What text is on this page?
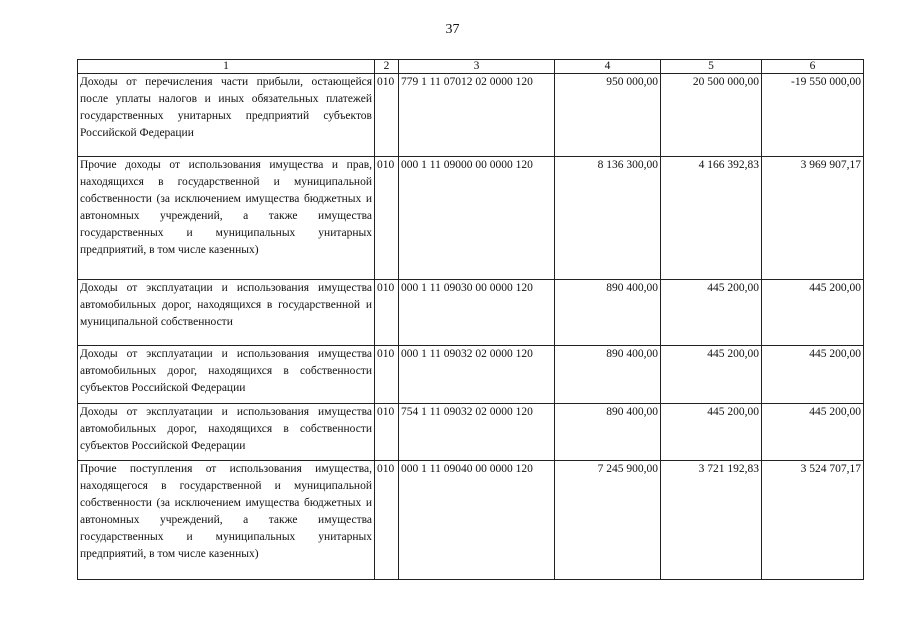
37
1	2	3	4	5	6
Доходы от перечисления части прибыли, остающейся после уплаты налогов и иных обязательных платежей государственных унитарных предприятий субъектов Российской Федерации	010	779 1 11 07012 02 0000 120	950 000,00	20 500 000,00	-19 550 000,00
Прочие доходы от использования имущества и прав, находящихся в государственной и муниципальной собственности (за исключением имущества бюджетных и автономных учреждений, а также имущества государственных и муниципальных унитарных предприятий, в том числе казенных)	010	000 1 11 09000 00 0000 120	8 136 300,00	4 166 392,83	3 969 907,17
Доходы от эксплуатации и использования имущества автомобильных дорог, находящихся в государственной и муниципальной собственности	010	000 1 11 09030 00 0000 120	890 400,00	445 200,00	445 200,00
Доходы от эксплуатации и использования имущества автомобильных дорог, находящихся в собственности субъектов Российской Федерации	010	000 1 11 09032 02 0000 120	890 400,00	445 200,00	445 200,00
Доходы от эксплуатации и использования имущества автомобильных дорог, находящихся в собственности субъектов Российской Федерации	010	754 1 11 09032 02 0000 120	890 400,00	445 200,00	445 200,00
Прочие поступления от использования имущества, находящегося в государственной и муниципальной собственности (за исключением имущества бюджетных и автономных учреждений, а также имущества государственных и муниципальных унитарных предприятий, в том числе казенных)	010	000 1 11 09040 00 0000 120	7 245 900,00	3 721 192,83	3 524 707,17
